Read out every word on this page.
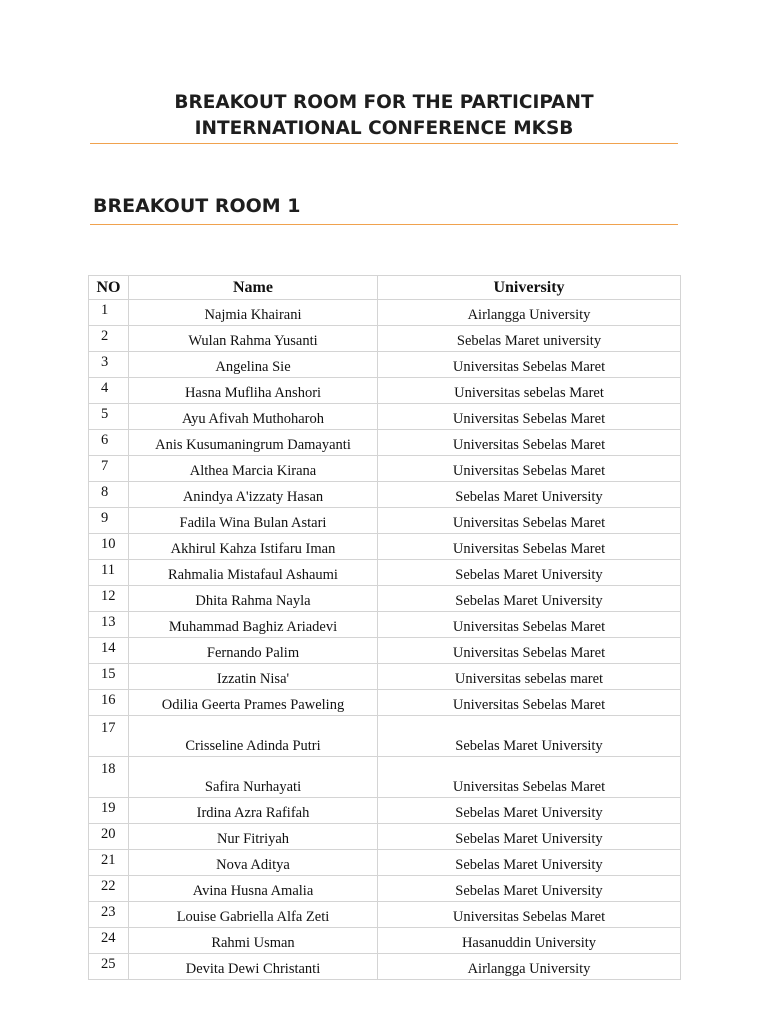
BREAKOUT ROOM FOR THE PARTICIPANT
INTERNATIONAL CONFERENCE MKSB
BREAKOUT ROOM 1
NO	Name	University
1	Najmia Khairani	Airlangga University
2	Wulan Rahma Yusanti	Sebelas Maret university
3	Angelina Sie	Universitas Sebelas Maret
4	Hasna Mufliha Anshori	Universitas sebelas Maret
5	Ayu Afivah Muthoharoh	Universitas Sebelas Maret
6	Anis Kusumaningrum Damayanti	Universitas Sebelas Maret
7	Althea Marcia Kirana	Universitas Sebelas Maret
8	Anindya A'izzaty Hasan	Sebelas Maret University
9	Fadila Wina Bulan Astari	Universitas Sebelas Maret
10	Akhirul Kahza Istifaru Iman	Universitas Sebelas Maret
11	Rahmalia Mistafaul Ashaumi	Sebelas Maret University
12	Dhita Rahma Nayla	Sebelas Maret University
13	Muhammad Baghiz Ariadevi	Universitas Sebelas Maret
14	Fernando Palim	Universitas Sebelas Maret
15	Izzatin Nisa'	Universitas sebelas maret
16	Odilia Geerta Prames Paweling	Universitas Sebelas Maret
17	Crisseline Adinda Putri	Sebelas Maret University
18	Safira Nurhayati	Universitas Sebelas Maret
19	Irdina Azra Rafifah	Sebelas Maret University
20	Nur Fitriyah	Sebelas Maret University
21	Nova Aditya	Sebelas Maret University
22	Avina Husna Amalia	Sebelas Maret University
23	Louise Gabriella Alfa Zeti	Universitas Sebelas Maret
24	Rahmi Usman	Hasanuddin University
25	Devita Dewi Christanti	Airlangga University
